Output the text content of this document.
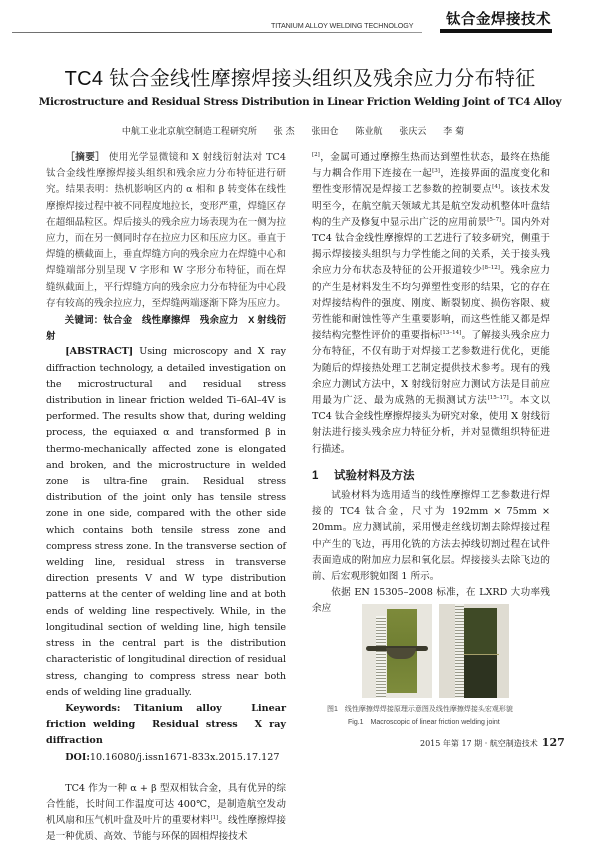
TITANIUM ALLOY WELDING TECHNOLOGY 钛合金焊接技术
TC4 钛合金线性摩擦焊接头组织及残余应力分布特征
Microstructure and Residual Stress Distribution in Linear Friction Welding Joint of TC4 Alloy
中航工业北京航空制造工程研究所 张 杰 张田仓 陈业航 张庆云 李 菊

［摘要］ 使用光学显微镜和 X 射线衍射法对 TC4 钛合金线性摩擦焊接头组织和残余应力分布特征进行研究。结果表明：热机影响区内的 α 相和 β 转变体在线性摩擦焊接过程中被不同程度地拉长，变形严重，焊缝区存在超细晶粒区。焊后接头的残余应力场表现为在一侧为拉应力，而在另一侧同时存在拉应力区和压应力区。垂直于焊缝的横截面上，垂直焊缝方向的残余应力在焊缝中心和焊缝端部分别呈现 V 字形和 W 字形分布特征，而在焊缝纵截面上，平行焊缝方向的残余应力分布特征为中心段存有较高的残余拉应力，至焊缝两端逐渐下降为压应力。

关键词：钛合金　线性摩擦焊　残余应力　X 射线衍射

[ABSTRACT] Using microscopy and X ray diffraction technology, a detailed investigation on the microstructural and residual stress distribution in linear friction welded Ti–6Al–4V is performed. The results show that, during welding process, the equiaxed α and transformed β in thermo-mechanically affected zone is elongated and broken, and the microstructure in welded zone is ultra-fine grain. Residual stress distribution of the joint only has tensile stress zone in one side, compared with the other side which contains both tensile stress zone and compress stress zone. In the transverse section of welding line, residual stress in transverse direction presents V and W type distribution patterns at the center of welding line and at both ends of welding line respectively. While, in the longitudinal section of welding line, high tensile stress in the central part is the distribution characteristic of longitudinal direction of residual stress, changing to compress stress near both ends of welding line gradually.

Keywords: Titanium alloy　Linear friction welding　Residual stress　X ray diffraction

DOI:10.16080/j.issn1671-833x.2015.17.127

TC4 作为一种 α + β 型双相钛合金，具有优异的综合性能，长时间工作温度可达 400℃，是制造航空发动机风扇和压气机叶盘及叶片的重要材料[1]。线性摩擦焊接是一种优质、高效、节能与环保的固相焊接技术

[2]，金属可通过摩擦生热而达到塑性状态，最终在热能与力耦合作用下连接在一起[3]，连接界面的温度变化和塑性变形情况是焊接工艺参数的控制要点[4]。该技术发明至今，在航空航天领域尤其是航空发动机整体叶盘结构的生产及修复中显示出广泛的应用前景[5–7]。国内外对 TC4 钛合金线性摩擦焊的工艺进行了较多研究，侧重于揭示焊接接头组织与力学性能之间的关系，关于接头残余应力分布状态及特征的公开报道较少[8–12]。残余应力的产生是材料发生不均匀弹塑性变形的结果，它的存在对焊接结构件的强度、刚度、断裂韧度、损伤容限、疲劳性能和耐蚀性等产生重要影响，而这些性能又都是焊接结构完整性评价的重要指标[13–14]。了解接头残余应力分布特征，不仅有助于对焊接工艺参数进行优化，更能为随后的焊接热处理工艺制定提供技术参考。现有的残余应力测试方法中，X 射线衍射应力测试方法是目前应用最为广泛、最为成熟的无损测试方法[15–17]。本文以 TC4 钛合金线性摩擦焊接头为研究对象，使用 X 射线衍射法进行接头残余应力特征分析，并对显微组织特征进行描述。

1 试验材料及方法

试验材料为选用适当的线性摩擦焊工艺参数进行焊接的 TC4 钛合金，尺寸为 192mm × 75mm × 20mm。应力测试前，采用慢走丝线切割去除焊接过程中产生的飞边，再用化铣的方法去掉线切割过程在试件表面造成的附加应力层和氧化层。焊接接头去除飞边的前、后宏观形貌如图 1 所示。

依据 EN 15305–2008 标准，在 LXRD 大功率残余应

图1　线性摩擦焊焊接原理示意图及线性摩擦焊接头宏观形貌
Fig.1　Macroscopic of linear friction welding joint
2015 年第 17 期 · 航空制造技术 127
